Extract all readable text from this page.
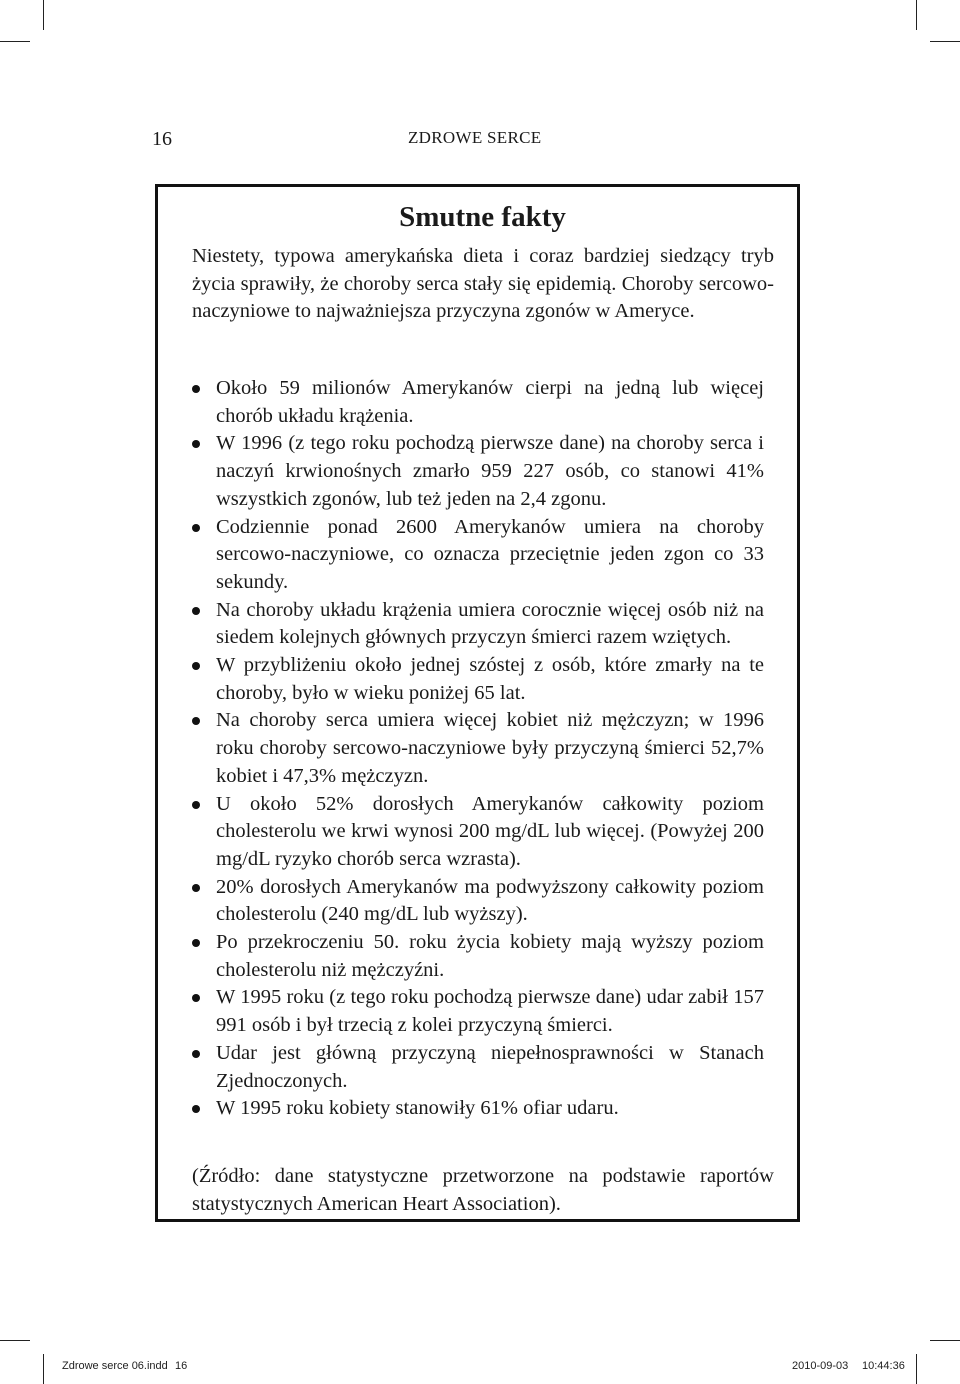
16	ZDROWE SERCE
Smutne fakty
Niestety, typowa amerykańska dieta i coraz bardziej siedzący tryb życia sprawiły, że choroby serca stały się epidemią. Choroby sercowo-naczyniowe to najważniejsza przyczyna zgonów w Ameryce.
Około 59 milionów Amerykanów cierpi na jedną lub więcej chorób układu krążenia.
W 1996 (z tego roku pochodzą pierwsze dane) na choroby serca i naczyń krwionośnych zmarło 959 227 osób, co stanowi 41% wszystkich zgonów, lub też jeden na 2,4 zgonu.
Codziennie ponad 2600 Amerykanów umiera na choroby sercowo-naczyniowe, co oznacza przeciętnie jeden zgon co 33 sekundy.
Na choroby układu krążenia umiera corocznie więcej osób niż na siedem kolejnych głównych przyczyn śmierci razem wziętych.
W przybliżeniu około jednej szóstej z osób, które zmarły na te choroby, było w wieku poniżej 65 lat.
Na choroby serca umiera więcej kobiet niż mężczyzn; w 1996 roku choroby sercowo-naczyniowe były przyczyną śmierci 52,7% kobiet i 47,3% mężczyzn.
U około 52% dorosłych Amerykanów całkowity poziom cholesterolu we krwi wynosi 200 mg/dL lub więcej. (Powyżej 200 mg/dL ryzyko chorób serca wzrasta).
20% dorosłych Amerykanów ma podwyższony całkowity poziom cholesterolu (240 mg/dL lub wyższy).
Po przekroczeniu 50. roku życia kobiety mają wyższy poziom cholesterolu niż mężczyźni.
W 1995 roku (z tego roku pochodzą pierwsze dane) udar zabił 157 991 osób i był trzecią z kolei przyczyną śmierci.
Udar jest główną przyczyną niepełnosprawności w Stanach Zjednoczonych.
W 1995 roku kobiety stanowiły 61% ofiar udaru.
(Źródło: dane statystyczne przetworzone na podstawie raportów statystycznych American Heart Association).
Zdrowe serce 06.indd 16	2010-09-03 10:44:36
